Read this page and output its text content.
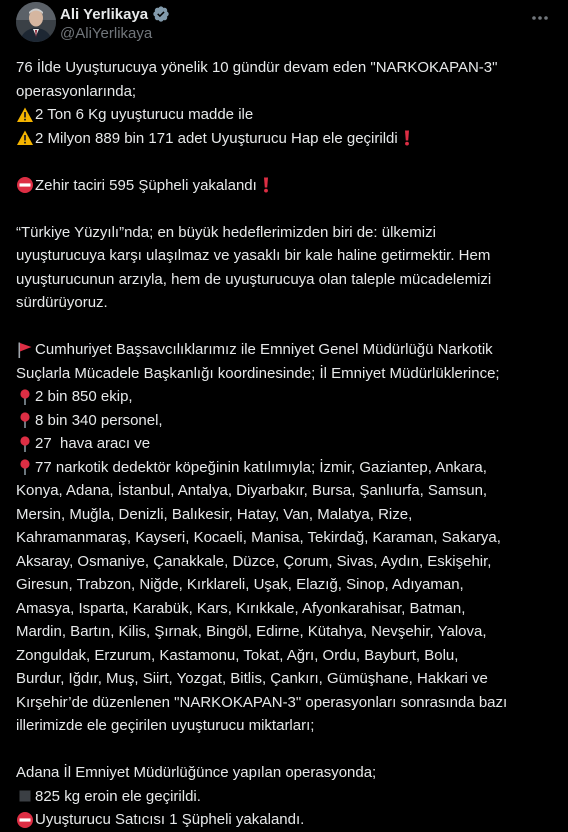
Ali Yerlikaya
@AliYerlikaya
76 İlde Uyuşturucuya yönelik 10 gündür devam eden "NARKOKAPAN-3"
operasyonlarında;
2 Ton 6 Kg uyuşturucu madde ile
2 Milyon 889 bin 171 adet Uyuşturucu Hap ele geçirildi
Zehir taciri 595 Şüpheli yakalandı
“Türkiye Yüzyılı”nda; en büyük hedeflerimizden biri de: ülkemizi
uyuşturucuya karşı ulaşılmaz ve yasaklı bir kale haline getirmektir. Hem
uyuşturucunun arzıyla, hem de uyuşturucuya olan taleple mücadelemizi
sürdürüyoruz.
Cumhuriyet Başsavcılıklarımız ile Emniyet Genel Müdürlüğü Narkotik
Suçlarla Mücadele Başkanlığı koordinesinde; İl Emniyet Müdürlüklerince;
2 bin 850 ekip,
8 bin 340 personel,
27  hava aracı ve
77 narkotik dedektör köpeğinin katılımıyla; İzmir, Gaziantep, Ankara,
Konya, Adana, İstanbul, Antalya, Diyarbakır, Bursa, Şanlıurfa, Samsun,
Mersin, Muğla, Denizli, Balıkesir, Hatay, Van, Malatya, Rize,
Kahramanmaraş, Kayseri, Kocaeli, Manisa, Tekirdağ, Karaman, Sakarya,
Aksaray, Osmaniye, Çanakkale, Düzce, Çorum, Sivas, Aydın, Eskişehir,
Giresun, Trabzon, Niğde, Kırklareli, Uşak, Elazığ, Sinop, Adıyaman,
Amasya, Isparta, Karabük, Kars, Kırıkkale, Afyonkarahisar, Batman,
Mardin, Bartın, Kilis, Şırnak, Bingöl, Edirne, Kütahya, Nevşehir, Yalova,
Zonguldak, Erzurum, Kastamonu, Tokat, Ağrı, Ordu, Bayburt, Bolu,
Burdur, Iğdır, Muş, Siirt, Yozgat, Bitlis, Çankırı, Gümüşhane, Hakkari ve
Kırşehir’de düzenlenen "NARKOKAPAN-3" operasyonları sonrasında bazı
illerimizde ele geçirilen uyuşturucu miktarları;
Adana İl Emniyet Müdürlüğünce yapılan operasyonda;
825 kg eroin ele geçirildi.
Uyuşturucu Satıcısı 1 Şüpheli yakalandı.
